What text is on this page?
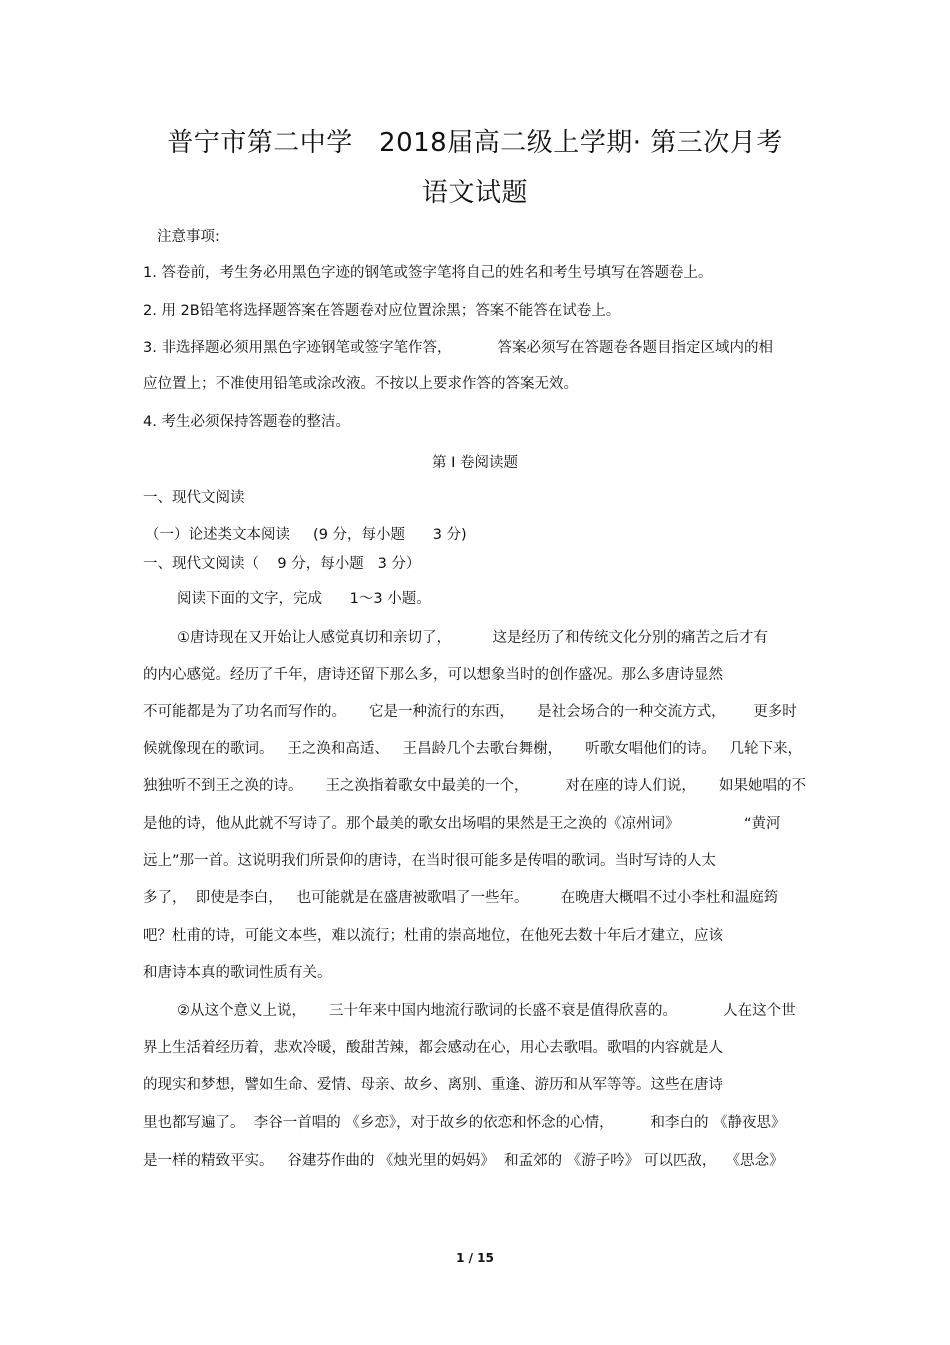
普宁市第二中学   2018届高二级上学期· 第三次月考
语文试题
注意事项:
1. 答卷前，考生务必用黑色字迹的钢笔或签字笔将自己的姓名和考生号填写在答题卷上。
2. 用 2B铅笔将选择题答案在答题卷对应位置涂黑；答案不能答在试卷上。
3. 非选择题必须用黑色字迹钢笔或签字笔作答，          答案必须写在答题卷各题目指定区域内的相
应位置上；不准使用铅笔或涂改液。不按以上要求作答的答案无效。
4. 考生必须保持答题卷的整洁。
第 I 卷阅读题
一、现代文阅读
（一）论述类文本阅读     (9 分，每小题      3 分)
一、现代文阅读（    9 分，每小题   3 分）
阅读下面的文字，完成      1～3 小题。
①唐诗现在又开始让人感觉真切和亲切了，         这是经历了和传统文化分别的痛苦之后才有
的内心感觉。经历了千年，唐诗还留下那么多，可以想象当时的创作盛况。那么多唐诗显然
不可能都是为了功名而写作的。     它是一种流行的东西，     是社会场合的一种交流方式，      更多时
候就像现在的歌词。   王之涣和高适、   王昌龄几个去歌台舞榭，     听歌女唱他们的诗。   几轮下来，
独独听不到王之涣的诗。     王之涣指着歌女中最美的一个，        对在座的诗人们说，     如果她唱的不
是他的诗，他从此就不写诗了。那个最美的歌女出场唱的果然是王之涣的《凉州词》              “黄河
远上”那一首。这说明我们所景仰的唐诗，在当时很可能多是传唱的歌词。当时写诗的人太
多了，  即使是李白，   也可能就是在盛唐被歌唱了一些年。       在晚唐大概唱不过小李杜和温庭筠
吧？杜甫的诗，可能文本些，难以流行；杜甫的崇高地位，在他死去数十年后才建立，应该
和唐诗本真的歌词性质有关。
②从这个意义上说，     三十年来中国内地流行歌词的长盛不衰是值得欣喜的。          人在这个世
界上生活着经历着，悲欢冷暖，酸甜苦辣，都会感动在心，用心去歌唱。歌唱的内容就是人
的现实和梦想，譬如生命、爱情、母亲、故乡、离别、重逢、游历和从军等等。这些在唐诗
里也都写遍了。  李谷一首唱的 《乡恋》，对于故乡的依恋和怀念的心情，        和李白的 《静夜思》
是一样的精致平实。   谷建芬作曲的 《烛光里的妈妈》  和孟郊的 《游子吟》 可以匹敌，  《思念》
1 / 15
